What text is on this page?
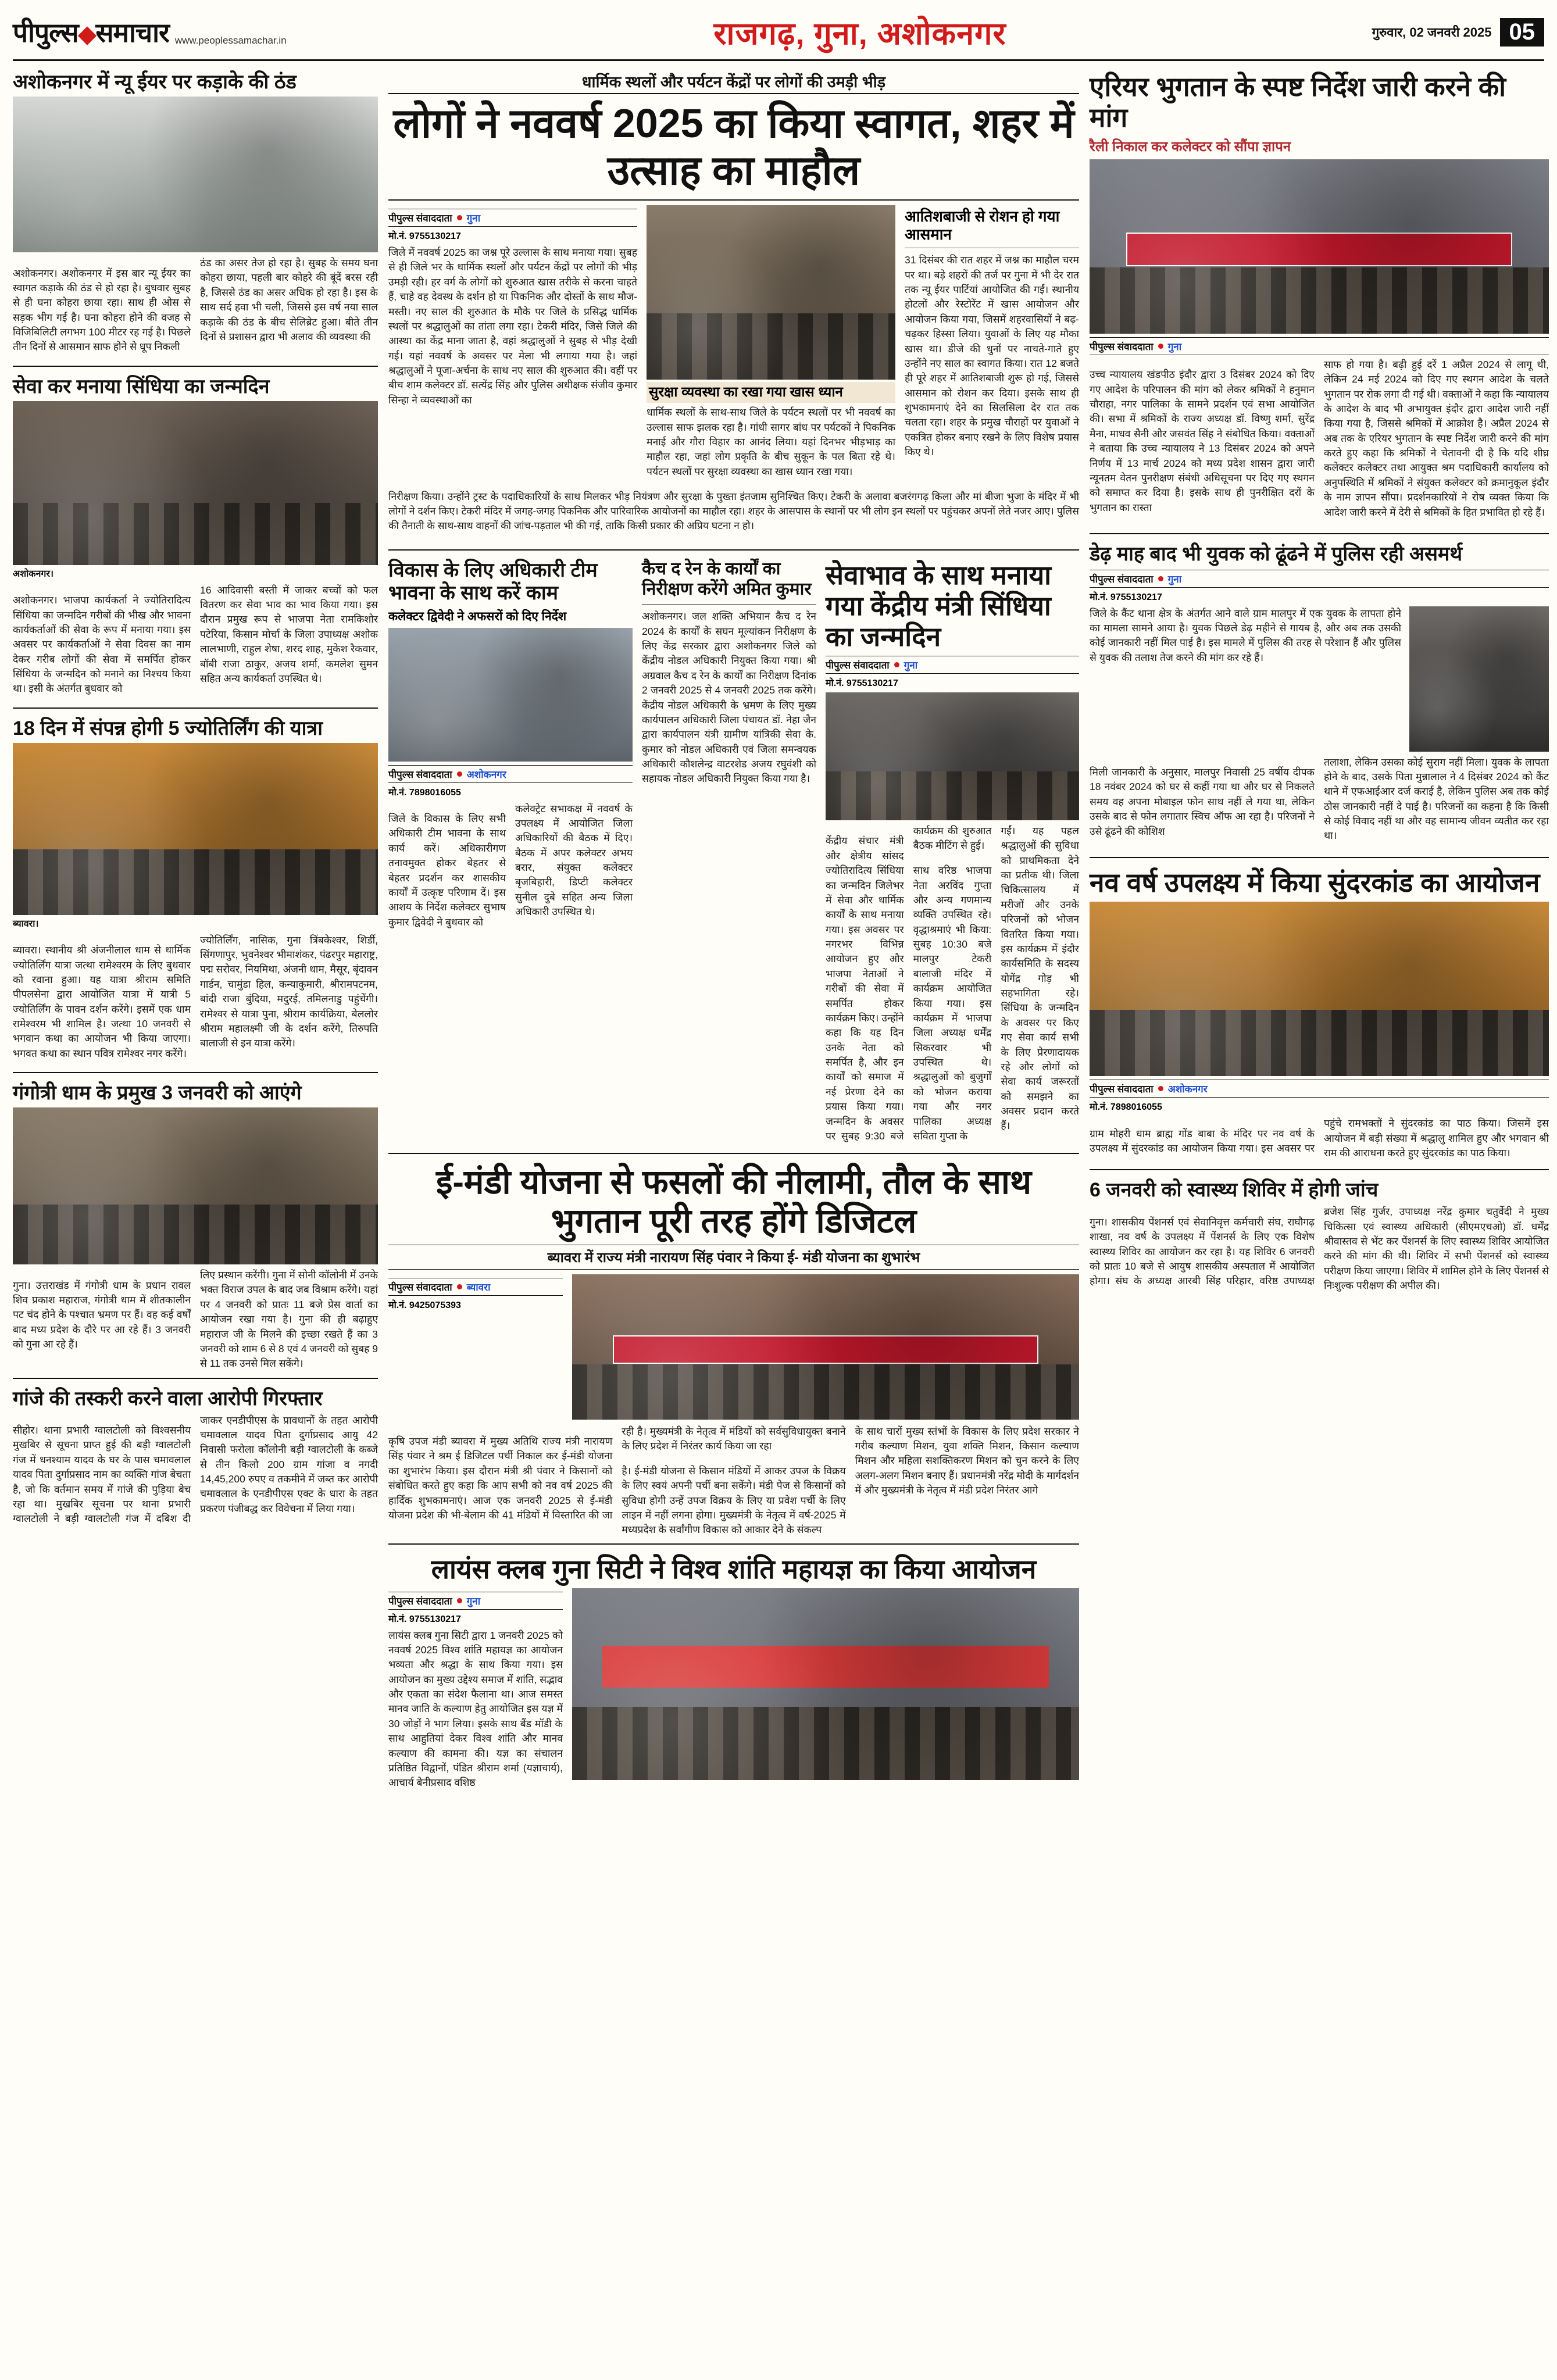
पीपुल्स◆समाचार www.peoplessamachar.in	राजगढ़, गुना, अशोकनगर	गुरुवार, 02 जनवरी 2025 05
अशोकनगर में न्यू ईयर पर कड़ाके की ठंड

अशोकनगर। अशोकनगर में इस बार न्यू ईयर का स्वागत कड़ाके की ठंड से हो रहा है। बुधवार सुबह से ही घना कोहरा छाया रहा। साथ ही ओस से सड़क भीग गई है। घना कोहरा होने की वजह से विजिबिलिटी लगभग 100 मीटर रह गई है। पिछले तीन दिनों से आसमान साफ होने से धूप निकली

ठंड का असर तेज हो रहा है। सुबह के समय घना कोहरा छाया, पहली बार कोहरे की बूंदें बरस रही है, जिससे ठंड का असर अधिक हो रहा है। इस के साथ सर्द हवा भी चली, जिससे इस वर्ष नया साल कड़ाके की ठंड के बीच सेलिब्रेट हुआ। बीते तीन दिनों से प्रशासन द्वारा भी अलाव की व्यवस्था की

सेवा कर मनाया सिंधिया का जन्मदिन
अशोकनगर।

अशोकनगर। भाजपा कार्यकर्ता ने ज्योतिरादित्य सिंधिया का जन्मदिन गरीबों की भीख और भावना कार्यकर्ताओं की सेवा के रूप में मनाया गया। इस अवसर पर कार्यकर्ताओं ने सेवा दिवस का नाम देकर गरीब लोगों की सेवा में समर्पित हाेकर सिंधिया के जन्मदिन को मनाने का निश्चय किया था। इसी के अंतर्गत बुधवार को

16 आदिवासी बस्ती में जाकर बच्चों को फल वितरण कर सेवा भाव का भाव किया गया। इस दौरान प्रमुख रूप से भाजपा नेता रामकिशोर पटेरिया, किसान मोर्चा के जिला उपाध्यक्ष अशोक लालभाणी, राहुल शेषा, शरद शाह, मुकेश रैकवार, बॉबी राजा ठाकुर, अजय शर्मा, कमलेश सुमन सहित अन्य कार्यकर्ता उपस्थित थे।

18 दिन में संपन्न होगी 5 ज्योतिर्लिंग की यात्रा
ब्यावरा।

ब्यावरा। स्थानीय श्री अंजनीलाल धाम से धार्मिक ज्योतिर्लिंग यात्रा जत्था रामेश्वरम के लिए बुधवार को रवाना हुआ। यह यात्रा श्रीराम समिति पीपलसेना द्वारा आयोजित यात्रा में यात्री 5 ज्योतिर्लिंग के पावन दर्शन करेंगे। इसमें एक धाम रामेश्वरम भी शामिल है। जत्था 10 जनवरी से भगवान कथा का आयोजन भी किया जाएगा। भगवत कथा का स्थान पवित्र रामेश्वर नगर करेंगे।

ज्योतिर्लिंग, नासिक, गुना त्रिंबकेश्वर, शिर्डी, सिंगणापुर, भुवनेश्वर भीमाशंकर, पंढरपुर महाराष्ट्र, पद्म सरोवर, नियमिथा, अंजनी धाम, मैसूर, बृंदावन गार्डन, चामुंडा हिल, कन्याकुमारी, श्रीरामपटनम, बांदी राजा बुंदिया, मदुरई, तमिलनाडु पहुंचेंगी। रामेश्वर से यात्रा पुना, श्रीराम कार्यक्रिया, बेललोर श्रीराम महालक्ष्मी जी के दर्शन करेंगे, तिरुपति बालाजी से इन यात्रा करेंगे।

गंगोत्री धाम के प्रमुख 3 जनवरी को आएंगे

गुना। उत्तराखंड में गंगोत्री धाम के प्रधान रावल शिव प्रकाश महाराज, गंगोत्री धाम में शीतकालीन पट चंद होने के पश्चात भ्रमण पर हैं। वह कई वर्षों बाद मध्य प्रदेश के दौरे पर आ रहे हैं। 3 जनवरी को गुना आ रहे हैं।

लिए प्रस्थान करेंगी। गुना में सोनी कॉलोनी में उनके भक्त विराज उपल के बाद जब विश्राम करेंगे। यहां पर 4 जनवरी को प्रातः 11 बजे प्रेस वार्ता का आयोजन रखा गया है। गुना की ही बढ़ाहुए महाराज जी के मिलने की इच्छा रखते हैं का 3 जनवरी को शाम 6 से 8 एवं 4 जनवरी को सुबह 9 से 11 तक उनसे मिल सकेंगे।

गांजे की तस्करी करने वाला आरोपी गिरफ्तार

सीहोर। थाना प्रभारी ग्वालटोली को विश्वसनीय मुखबिर से सूचना प्राप्त हुई की बड़ी ग्वालटोली गंज में धनश्याम यादव के घर के पास चमावलाल यादव पिता दुर्गाप्रसाद नाम का व्यक्ति गांज बेचता है, जो कि वर्तमान समय में गांजे की पुड़िया बेच रहा था। मुखबिर सूचना पर थाना प्रभारी ग्वालटोली ने बड़ी ग्वालटोली गंज में दबिश दी जाकर एनडीपीएस के प्रावधानों के तहत आरोपी चमावलाल यादव पिता दुर्गाप्रसाद आयु 42 निवासी फरोला कॉलोनी बड़ी ग्वालटोली के कब्जे से तीन किलो 200 ग्राम गांजा व नगदी 14,45,200 रुपए व तकमीने में जब्त कर आरोपी चमावलाल के एनडीपीएस एक्ट के धारा के तहत प्रकरण पंजीबद्ध कर विवेचना में लिया गया।

धार्मिक स्थलों और पर्यटन केंद्रों पर लोगों की उमड़ी भीड़
लोगों ने नववर्ष 2025 का किया स्वागत, शहर में उत्साह का माहौल
पीपुल्स संवाददाता गुना
मो.नं. 9755130217
जिले में नववर्ष 2025 का जश्न पूरे उल्लास के साथ मनाया गया। सुबह से ही जिले भर के धार्मिक स्थलों और पर्यटन केंद्रों पर लोगों की भीड़ उमड़ी रही। हर वर्ग के लोगों को शुरुआत खास तरीके से करना चाहते हैं, चाहे वह देवस्थ के दर्शन हो या पिकनिक और दोस्तों के साथ मौज-मस्ती। नए साल की शुरुआत के मौके पर जिले के प्रसिद्ध धार्मिक स्थलों पर श्रद्धालुओं का तांता लगा रहा। टेकरी मंदिर, जिसे जिले की आस्था का केंद्र माना जाता है, वहां श्रद्धालुओं ने सुबह से भीड़ देखी गई। यहां नववर्ष के अवसर पर मेला भी लगाया गया है। जहां श्रद्धालुओं ने पूजा-अर्चना के साथ नए साल की शुरुआत की। वहीं पर बीच शाम कलेक्टर डॉ. सत्येंद्र सिंह और पुलिस अधीक्षक संजीव कुमार सिन्हा ने व्यवस्थाओं का	सुरक्षा व्यवस्था का रखा गया खास ध्यान
धार्मिक स्थलों के साथ-साथ जिले के पर्यटन स्थलों पर भी नववर्ष का उल्लास साफ झलक रहा है। गांधी सागर बांध पर पर्यटकों ने पिकनिक मनाई और गौरा विहार का आनंद लिया। यहां दिनभर भीड़भाड़ का माहौल रहा, जहां लोग प्रकृति के बीच सुकून के पल बिता रहे थे। पर्यटन स्थलों पर सुरक्षा व्यवस्था का खास ध्यान रखा गया।
आतिशबाजी से रोशन हो गया आसमान
31 दिसंबर की रात शहर में जश्न का माहौल चरम पर था। बड़े शहरों की तर्ज पर गुना में भी देर रात तक न्यू ईयर पार्टियां आयोजित की गईं। स्थानीय होटलों और रेस्टोरेंट में खास आयोजन और आयोजन किया गया, जिसमें शहरवासियों ने बढ़-चढ़कर हिस्सा लिया। युवाओं के लिए यह मौका खास था। डीजे की धुनों पर नाचते-गाते हुए उन्होंने नए साल का स्वागत किया। रात 12 बजते ही पूरे शहर में आतिशबाजी शुरू हो गई, जिससे आसमान को रोशन कर दिया। इसके साथ ही शुभकामनाएं देने का सिलसिला देर रात तक चलता रहा। शहर के प्रमुख चौराहों पर युवाओं ने एकत्रित होकर बनाए रखने के लिए विशेष प्रयास किए थे।

निरीक्षण किया। उन्होंने ट्रस्ट के पदाधिकारियों के साथ मिलकर भीड़ नियंत्रण और सुरक्षा के पुख्ता इंतजाम सुनिश्चित किए। टेकरी के अलावा बजरंगगढ़ किला और मां बीजा भुजा के मंदिर में भी लोगों ने दर्शन किए। टेकरी मंदिर में जगह-जगह पिकनिक और पारिवारिक आयोजनों का माहौल रहा। शहर के आसपास के स्थानों पर भी लोग इन स्थलों पर पहुंचकर अपनों लेते नजर आए। पुलिस की तैनाती के साथ-साथ वाहनों की जांच-पड़ताल भी की गई, ताकि किसी प्रकार की अप्रिय घटना न हो।

विकास के लिए अधिकारी टीम भावना के साथ करें काम
कलेक्टर द्विवेदी ने अफसरों को दिए निर्देश
पीपुल्स संवाददाता अशोकनगर
मो.नं. 7898016055

जिले के विकास के लिए सभी अधिकारी टीम भावना के साथ कार्य करें। अधिकारीगण तनावमुक्त होकर बेहतर से बेहतर प्रदर्शन कर शासकीय कार्यों में उत्कृष्ट परिणाम दें। इस आशय के निर्देश कलेक्टर सुभाष कुमार द्विवेदी ने बुधवार को

कलेक्ट्रेट सभाकक्ष में नववर्ष के उपलक्ष्य में आयोजित जिला अधिकारियों की बैठक में दिए। बैठक में अपर कलेक्टर अभय बरार, संयुक्त कलेक्टर बृजबिहारी, डिप्टी कलेक्टर सुनील दुबे सहित अन्य जिला अधिकारी उपस्थित थे।

कैच द रेन के कार्यों का निरीक्षण करेंगे अमित कुमार
अशोकनगर। जल शक्ति अभियान कैच द रेन 2024 के कार्यों के सघन मूल्यांकन निरीक्षण के लिए केंद्र सरकार द्वारा अशोकनगर जिले को केंद्रीय नोडल अधिकारी नियुक्त किया गया। श्री अग्रवाल कैच द रेन के कार्यों का निरीक्षण दिनांक 2 जनवरी 2025 से 4 जनवरी 2025 तक करेंगे। केंद्रीय नोडल अधिकारी के भ्रमण के लिए मुख्य कार्यपालन अधिकारी जिला पंचायत डॉ. नेहा जैन द्वारा कार्यपालन यंत्री ग्रामीण यांत्रिकी सेवा के. कुमार को नोडल अधिकारी एवं जिला समन्वयक अधिकारी कौशलेन्द्र वाटरशेड अजय रघुवंशी को सहायक नोडल अधिकारी नियुक्त किया गया है।
सेवाभाव के साथ मनाया गया केंद्रीय मंत्री सिंधिया का जन्मदिन
पीपुल्स संवाददाता गुना
मो.नं. 9755130217

केंद्रीय संचार मंत्री और क्षेत्रीय सांसद ज्योतिरादित्य सिंधिया का जन्मदिन जिलेभर में सेवा और धार्मिक कार्यों के साथ मनाया गया। इस अवसर पर नगरभर विभिन्न आयोजन हुए और भाजपा नेताओं ने गरीबों की सेवा में समर्पित होकर कार्यक्रम किए। उन्होंने कहा कि यह दिन उनके नेता को समर्पित है, और इन कार्यों को समाज में नई प्रेरणा देने का प्रयास किया गया। जन्मदिन के अवसर पर सुबह 9:30 बजे कार्यक्रम की शुरुआत बैठक मीटिंग से हुई।

साथ वरिष्ठ भाजपा नेता अरविंद गुप्ता और अन्य गणमान्य व्यक्ति उपस्थित रहे। वृद्धाश्रमाएं भी किया: सुबह 10:30 बजे मालपुर टेकरी बालाजी मंदिर में कार्यक्रम आयोजित किया गया। इस कार्यक्रम में भाजपा जिला अध्यक्ष धर्मेंद्र सिकरवार भी उपस्थित थे। श्रद्धालुओं को बुजुर्गों को भोजन कराया गया और नगर पालिका अध्यक्ष सविता गुप्ता के

गईं। यह पहल श्रद्धालुओं की सुविधा को प्राथमिकता देने का प्रतीक थी। जिला चिकित्सालय में मरीजों और उनके परिजनों को भोजन वितरित किया गया। इस कार्यक्रम में इंदौर कार्यसमिति के सदस्य योगेंद्र गोड़ भी सहभागिता रहे। सिंधिया के जन्मदिन के अवसर पर किए गए सेवा कार्य सभी के लिए प्रेरणादायक रहे और लोगों को सेवा कार्य जरूरतों को समझने का अवसर प्रदान करते हैं।

ई-मंडी योजना से फसलों की नीलामी, तौल के साथ भुगतान पूरी तरह होंगे डिजिटल
ब्यावरा में राज्य मंत्री नारायण सिंह पंवार ने किया ई- मंडी योजना का शुभारंभ
पीपुल्स संवाददाता ब्यावरा
मो.नं. 9425075393

कृषि उपज मंडी ब्यावरा में मुख्य अतिथि राज्य मंत्री नारायण सिंह पंवार ने श्रम ई डिजिटल पर्ची निकाल कर ई-मंडी योजना का शुभारंभ किया। इस दौरान मंत्री श्री पंवार ने किसानों को संबोधित करते हुए कहा कि आप सभी को नव वर्ष 2025 की हार्दिक शुभकामनाएं। आज एक जनवरी 2025 से ई-मंडी योजना प्रदेश की भी-बेलाम की 41 मंडियों में विस्तारित की जा रही है। मुख्यमंत्री के नेतृत्व में मंडियों को सर्वसुविधायुक्त बनाने के लिए प्रदेश में निरंतर कार्य किया जा रहा

है। ई-मंडी योजना से किसान मंडियों में आकर उपज के विक्रय के लिए स्वयं अपनी पर्ची बना सकेंगे। मंडी पेज से किसानों को सुविधा होगी उन्हें उपज विक्रय के लिए या प्रवेश पर्ची के लिए लाइन में नहीं लगना होगा। मुख्यमंत्री के नेतृत्व में वर्ष-2025 में मध्यप्रदेश के सर्वांगीण विकास को आकार देने के संकल्प

के साथ चारों मुख्य स्तंभों के विकास के लिए प्रदेश सरकार ने गरीब कल्याण मिशन, युवा शक्ति मिशन, किसान कल्याण मिशन और महिला सशक्तिकरण मिशन को चुन करने के लिए अलग-अलग मिशन बनाए हैं। प्रधानमंत्री नरेंद्र मोदी के मार्गदर्शन में और मुख्यमंत्री के नेतृत्व में मंडी प्रदेश निरंतर आगे

लायंस क्लब गुना सिटी ने विश्व शांति महायज्ञ का किया आयोजन
पीपुल्स संवाददाता गुना
मो.नं. 9755130217
लायंस क्लब गुना सिटी द्वारा 1 जनवरी 2025 को नववर्ष 2025 विश्व शांति महायज्ञ का आयोजन भव्यता और श्रद्धा के साथ किया गया। इस आयोजन का मुख्य उद्देश्य समाज में शांति, सद्भाव और एकता का संदेश फैलाना था। आज समस्त मानव जाति के कल्याण हेतु आयोजित इस यज्ञ में 30 जोड़ों ने भाग लिया। इसके साथ बैंड मॉडी के साथ आहुतियां देकर विश्व शांति और मानव कल्याण की कामना की। यज्ञ का संचालन प्रतिष्ठित विद्वानों, पंडित श्रीराम शर्मा (यज्ञाचार्य), आचार्य बेनीप्रसाद वशिष्ठ
एरियर भुगतान के स्पष्ट निर्देश जारी करने की मांग
रैली निकाल कर कलेक्टर को सौंपा ज्ञापन
पीपुल्स संवाददाता गुना

उच्च न्यायालय खंडपीठ इंदौर द्वारा 3 दिसंबर 2024 को दिए गए आदेश के परिपालन की मांग को लेकर श्रमिकों ने हनुमान चौराहा, नगर पालिका के सामने प्रदर्शन एवं सभा आयोजित की। सभा में श्रमिकों के राज्य अध्यक्ष डॉ. विष्णु शर्मा, सुरेंद्र मैना, माधव सैनी और जसवंत सिंह ने संबोधित किया। वक्ताओं ने बताया कि उच्च न्यायालय ने 13 दिसंबर 2024 को अपने निर्णय में 13 मार्च 2024 को मध्य प्रदेश शासन द्वारा जारी न्यूनतम वेतन पुनरीक्षण संबंधी अधिसूचना पर दिए गए स्थगन को समाप्त कर दिया है। इसके साथ ही पुनरीक्षित दरों के भुगतान का रास्ता

साफ हो गया है। बढ़ी हुई दरें 1 अप्रैल 2024 से लागू थी, लेकिन 24 मई 2024 को दिए गए स्थगन आदेश के चलते भुगतान पर रोक लगा दी गई थी। वक्ताओं ने कहा कि न्यायालय के आदेश के बाद भी अभायुक्त इंदौर द्वारा आदेश जारी नहीं किया गया है, जिससे श्रमिकों में आक्रोश है। अप्रैल 2024 से अब तक के एरियर भुगतान के स्पष्ट निर्देश जारी करने की मांग करते हुए कहा कि श्रमिकों ने चेतावनी दी है कि यदि शीघ्र कलेक्टर कलेक्टर तथा आयुक्त श्रम पदाधिकारी कार्यालय को अनुपस्थिति में श्रमिकों ने संयुक्त कलेक्टर को क्रमानुकूल इंदौर के नाम ज्ञापन सौंपा। प्रदर्शनकारियों ने रोष व्यक्त किया कि आदेश जारी करने में देरी से श्रमिकों के हित प्रभावित हो रहे हैं।

डेढ़ माह बाद भी युवक को ढूंढने में पुलिस रही असमर्थ
पीपुल्स संवाददाता गुना
मो.नं. 9755130217
जिले के कैंट थाना क्षेत्र के अंतर्गत आने वाले ग्राम मालपुर में एक युवक के लापता होने का मामला सामने आया है। युवक पिछले डेढ़ महीने से गायब है, और अब तक उसकी कोई जानकारी नहीं मिल पाई है। इस मामले में पुलिस की तरह से परेशान हैं और पुलिस से युवक की तलाश तेज करने की मांग कर रहे हैं।

मिली जानकारी के अनुसार, मालपुर निवासी 25 वर्षीय दीपक 18 नवंबर 2024 को घर से कहीं गया था और घर से निकलते समय वह अपना मोबाइल फोन साथ नहीं ले गया था, लेकिन उसके बाद से फोन लगातार स्विच ऑफ आ रहा है। परिजनों ने उसे ढूंढने की कोशिश

तलाशा, लेकिन उसका कोई सुराग नहीं मिला। युवक के लापता होने के बाद, उसके पिता मुन्नालाल ने 4 दिसंबर 2024 को कैंट थाने में एफआईआर दर्ज कराई है, लेकिन पुलिस अब तक कोई ठोस जानकारी नहीं दे पाई है। परिजनों का कहना है कि किसी से कोई विवाद नहीं था और वह सामान्य जीवन व्यतीत कर रहा था।

नव वर्ष उपलक्ष्य में किया सुंदरकांड का आयोजन
पीपुल्स संवाददाता अशोकनगर
मो.नं. 7898016055

ग्राम मोहरी धाम ब्राह्म गोंड बाबा के मंदिर पर नव वर्ष के उपलक्ष्य में सुंदरकांड का आयोजन किया गया। इस अवसर पर पहुंचे रामभक्तों ने सुंदरकांड का पाठ किया। जिसमें इस आयोजन में बड़ी संख्या में श्रद्धालु शामिल हुए और भगवान श्री राम की आराधना करते हुए सुंदरकांड का पाठ किया।

6 जनवरी को स्वास्थ्य शिविर में होगी जांच

गुना। शासकीय पेंशनर्स एवं सेवानिवृत्त कर्मचारी संघ, राघौगढ़ शाखा, नव वर्ष के उपलक्ष्य में पेंशनर्स के लिए एक विशेष स्वास्थ्य शिविर का आयोजन कर रहा है। यह शिविर 6 जनवरी को प्रातः 10 बजे से आयुष शासकीय अस्पताल में आयोजित होगा। संघ के अध्यक्ष आरबी सिंह परिहार, वरिष्ठ उपाध्यक्ष ब्रजेश सिंह गुर्जर, उपाध्यक्ष नरेंद्र कुमार चतुर्वेदी ने मुख्य चिकित्सा एवं स्वास्थ्य अधिकारी (सीएमएचओ) डॉ. धर्मेंद्र श्रीवास्तव से भेंट कर पेंशनर्स के लिए स्वास्थ्य शिविर आयोजित करने की मांग की थी। शिविर में सभी पेंशनर्स को स्वास्थ्य परीक्षण किया जाएगा। शिविर में शामिल होने के लिए पेंशनर्स से निःशुल्क परीक्षण की अपील की।
